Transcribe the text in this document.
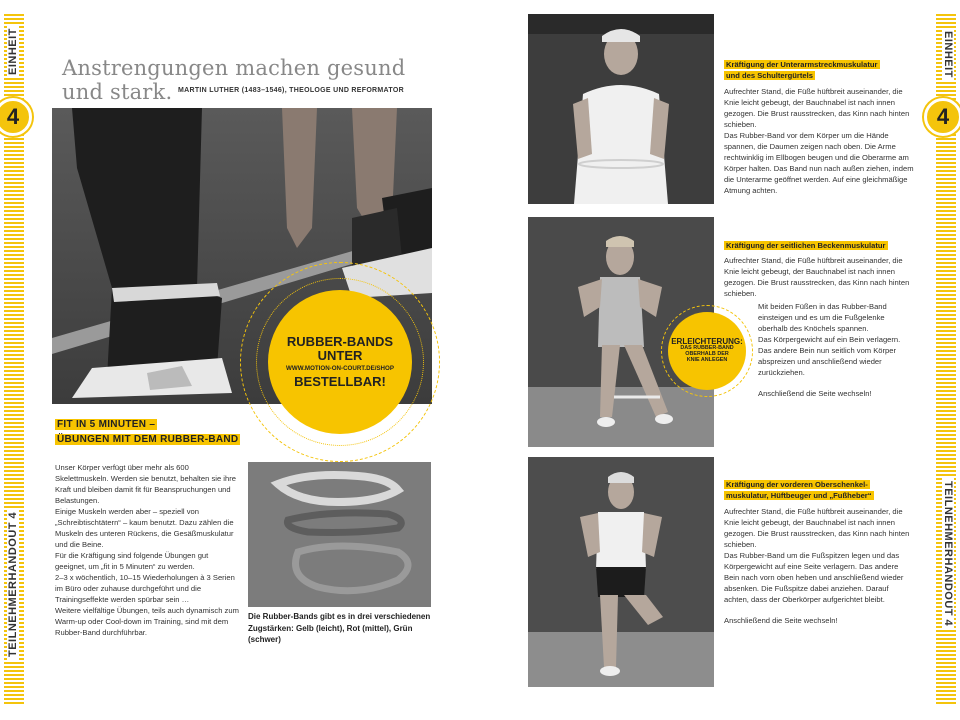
EINHEIT
4
TEILNEHMERHANDOUT 4
EINHEIT
4
TEILNEHMERHANDOUT 4
Anstrengungen machen gesund und stark. MARTIN LUTHER (1483–1546), THEOLOGE UND REFORMATOR
RUBBER-BANDS
UNTER
WWW.MOTION-ON-COURT.DE/SHOP
BESTELLBAR!
FIT IN 5 MINUTEN –
ÜBUNGEN MIT DEM RUBBER-BAND

Unser Körper verfügt über mehr als 600 Skelettmuskeln. Werden sie benutzt, behalten sie ihre Kraft und bleiben damit fit für Beanspruchungen und Belastungen.

Einige Muskeln werden aber – speziell von „Schreibtischtätern“ – kaum benutzt. Dazu zählen die Muskeln des unteren Rückens, die Gesäßmuskulatur und die Beine.

Für die Kräftigung sind folgende Übungen gut geeignet, um „fit in 5 Minuten“ zu werden.

2–3 x wöchentlich, 10–15 Wiederholungen à 3 Serien im Büro oder zuhause durchgeführt und die Trainingseffekte werden spürbar sein …

Weitere vielfältige Übungen, teils auch dynamisch zum Warm-up oder Cool-down im Training, sind mit dem Rubber-Band durchführbar.

Die Rubber-Bands gibt es in drei verschiedenen Zugstärken: Gelb (leicht), Rot (mittel), Grün (schwer)
Kräftigung der Unterarmstreckmuskulatur
und des Schultergürtels

Aufrechter Stand, die Füße hüftbreit auseinander, die Knie leicht gebeugt, der Bauchnabel ist nach innen gezogen. Die Brust rausstrecken, das Kinn nach hinten schieben.

Das Rubber-Band vor dem Körper um die Hände spannen, die Daumen zeigen nach oben. Die Arme rechtwinklig im Ellbogen beugen und die Oberarme am Körper halten. Das Band nun nach außen ziehen, indem die Unterarme geöffnet werden. Auf eine gleichmäßige Atmung achten.

ERLEICHTERUNG:
DAS RUBBER-BAND
OBERHALB DER
KNIE ANLEGEN
Kräftigung der seitlichen Beckenmuskulatur

Aufrechter Stand, die Füße hüftbreit auseinander, die Knie leicht gebeugt, der Bauchnabel ist nach innen gezogen. Die Brust rausstrecken, das Kinn nach hinten schieben.

Mit beiden Füßen in das Rubber-Band einsteigen und es um die Fußgelenke oberhalb des Knöchels spannen.

Das Körpergewicht auf ein Bein verlagern.

Das andere Bein nun seitlich vom Körper abspreizen und anschließend wieder zurückziehen.

Anschließend die Seite wechseln!

Kräftigung der vorderen Oberschenkel-
muskulatur, Hüftbeuger und „Fußheber“

Aufrechter Stand, die Füße hüftbreit auseinander, die Knie leicht gebeugt, der Bauchnabel ist nach innen gezogen. Die Brust rausstrecken, das Kinn nach hinten schieben.

Das Rubber-Band um die Fußspitzen legen und das Körpergewicht auf eine Seite verlagern. Das andere Bein nach vorn oben heben und anschließend wieder absenken. Die Fußspitze dabei anziehen. Darauf achten, dass der Oberkörper aufgerichtet bleibt.

Anschließend die Seite wechseln!
